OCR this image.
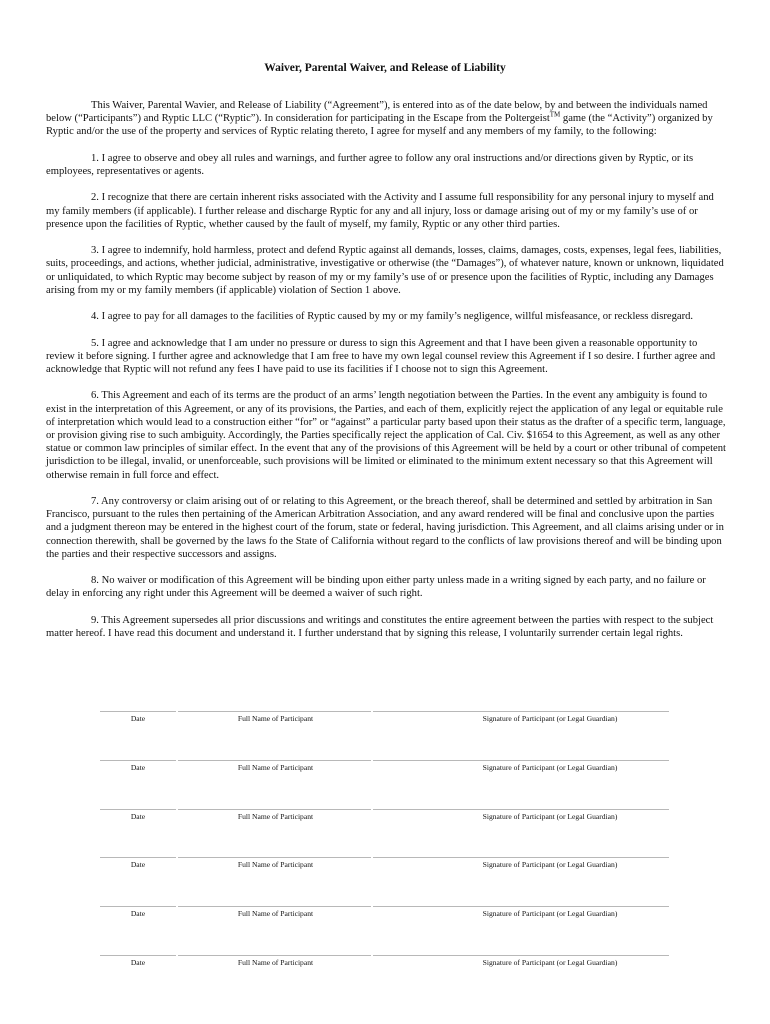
Waiver, Parental Waiver, and Release of Liability

This Waiver, Parental Wavier, and Release of Liability (“Agreement”), is entered into as of the date below, by and between the individuals named below (“Participants”) and Ryptic LLC (“Ryptic”). In consideration for participating in the Escape from the Poltergeist™ game (the “Activity”) organized by Ryptic and/or the use of the property and services of Ryptic relating thereto, I agree for myself and any members of my family, to the following:

1. I agree to observe and obey all rules and warnings, and further agree to follow any oral instructions and/or directions given by Ryptic, or its employees, representatives or agents.

2. I recognize that there are certain inherent risks associated with the Activity and I assume full responsibility for any personal injury to myself and my family members (if applicable). I further release and discharge Ryptic for any and all injury, loss or damage arising out of my or my family’s use of or presence upon the facilities of Ryptic, whether caused by the fault of myself, my family, Ryptic or any other third parties.

3. I agree to indemnify, hold harmless, protect and defend Ryptic against all demands, losses, claims, damages, costs, expenses, legal fees, liabilities, suits, proceedings, and actions, whether judicial, administrative, investigative or otherwise (the “Damages”), of whatever nature, known or unknown, liquidated or unliquidated, to which Ryptic may become subject by reason of my or my family’s use of or presence upon the facilities of Ryptic, including any Damages arising from my or my family members (if applicable) violation of Section 1 above.

4. I agree to pay for all damages to the facilities of Ryptic caused by my or my family’s negligence, willful misfeasance, or reckless disregard.

5. I agree and acknowledge that I am under no pressure or duress to sign this Agreement and that I have been given a reasonable opportunity to review it before signing. I further agree and acknowledge that I am free to have my own legal counsel review this Agreement if I so desire. I further agree and acknowledge that Ryptic will not refund any fees I have paid to use its facilities if I choose not to sign this Agreement.

6. This Agreement and each of its terms are the product of an arms’ length negotiation between the Parties. In the event any ambiguity is found to exist in the interpretation of this Agreement, or any of its provisions, the Parties, and each of them, explicitly reject the application of any legal or equitable rule of interpretation which would lead to a construction either “for” or “against” a particular party based upon their status as the drafter of a specific term, language, or provision giving rise to such ambiguity. Accordingly, the Parties specifically reject the application of Cal. Civ. $1654 to this Agreement, as well as any other statue or common law principles of similar effect. In the event that any of the provisions of this Agreement will be held by a court or other tribunal of competent jurisdiction to be illegal, invalid, or unenforceable, such provisions will be limited or eliminated to the minimum extent necessary so that this Agreement will otherwise remain in full force and effect.

7. Any controversy or claim arising out of or relating to this Agreement, or the breach thereof, shall be determined and settled by arbitration in San Francisco, pursuant to the rules then pertaining of the American Arbitration Association, and any award rendered will be final and conclusive upon the parties and a judgment thereon may be entered in the highest court of the forum, state or federal, having jurisdiction. This Agreement, and all claims arising under or in connection therewith, shall be governed by the laws fo the State of California without regard to the conflicts of law provisions thereof and will be binding upon the parties and their respective successors and assigns.

8. No waiver or modification of this Agreement will be binding upon either party unless made in a writing signed by each party, and no failure or delay in enforcing any right under this Agreement will be deemed a waiver of such right.

9. This Agreement supersedes all prior discussions and writings and constitutes the entire agreement between the parties with respect to the subject matter hereof. I have read this document and understand it. I further understand that by signing this release, I voluntarily surrender certain legal rights.

Date	Full Name of Participant	Signature of Participant (or Legal Guardian)
Date	Full Name of Participant	Signature of Participant (or Legal Guardian)
Date	Full Name of Participant	Signature of Participant (or Legal Guardian)
Date	Full Name of Participant	Signature of Participant (or Legal Guardian)
Date	Full Name of Participant	Signature of Participant (or Legal Guardian)
Date	Full Name of Participant	Signature of Participant (or Legal Guardian)
